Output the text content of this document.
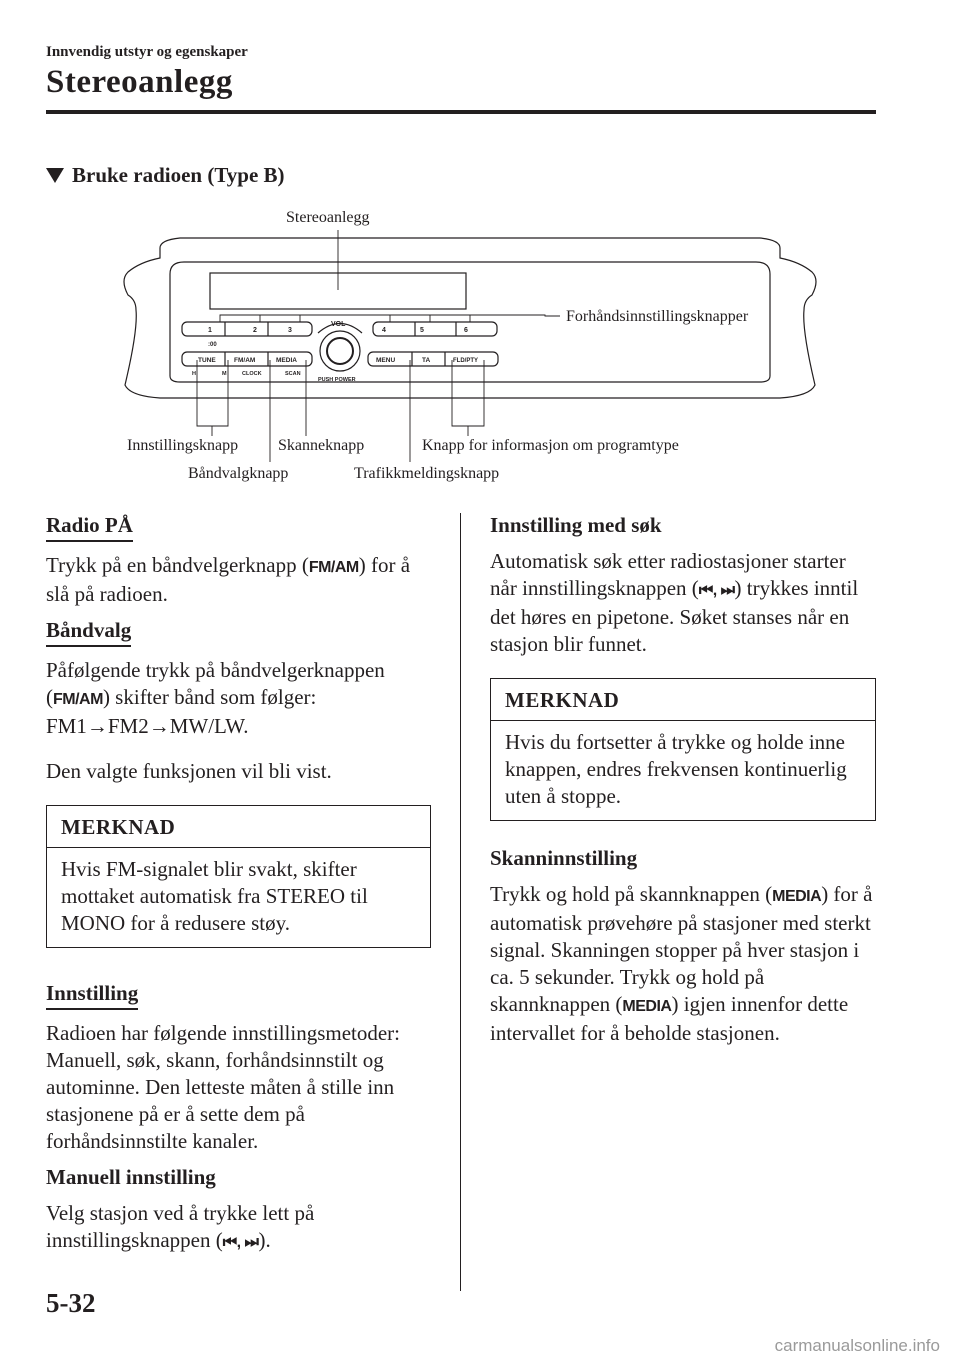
Innvendig utstyr og egenskaper
Stereoanlegg
Bruke radioen (Type B)
1	2	3	4	5	6
VOL
:00
TUNE	FM/AM	MEDIA	MENU	TA	FLD/PTY
H	M	CLOCK	SCAN
PUSH POWER
Stereoanlegg
Forhåndsinnstillingsknapper
Innstillingsknapp Skanneknapp	Knapp for informasjon om programtype
Båndvalgknapp	Trafikkmeldingsknapp
Radio PÅ

Trykk på en båndvelgerknapp (FM/AM) for å slå på radioen.

Båndvalg

Påfølgende trykk på båndvelgerknappen (FM/AM) skifter bånd som følger:

FM1→FM2→MW/LW.

Den valgte funksjonen vil bli vist.

MERKNAD
Hvis FM-signalet blir svakt, skifter mottaket automatisk fra STEREO til MONO for å redusere støy.
Innstilling

Radioen har følgende innstillingsmetoder: Manuell, søk, skann, forhåndsinnstilt og autominne. Den letteste måten å stille inn stasjonene på er å sette dem på forhåndsinnstilte kanaler.

Manuell innstilling

Velg stasjon ved å trykke lett på innstillingsknappen (⏮, ⏭).

Innstilling med søk

Automatisk søk etter radiostasjoner starter når innstillingsknappen (⏮, ⏭) trykkes inntil det høres en pipetone. Søket stanses når en stasjon blir funnet.

MERKNAD
Hvis du fortsetter å trykke og holde inne knappen, endres frekvensen kontinuerlig uten å stoppe.
Skanninnstilling

Trykk og hold på skannknappen (MEDIA) for å automatisk prøvehøre på stasjoner med sterkt signal. Skanningen stopper på hver stasjon i ca. 5 sekunder. Trykk og hold på skannknappen (MEDIA) igjen innenfor dette intervallet for å beholde stasjonen.

5-32
carmanualsonline.info
